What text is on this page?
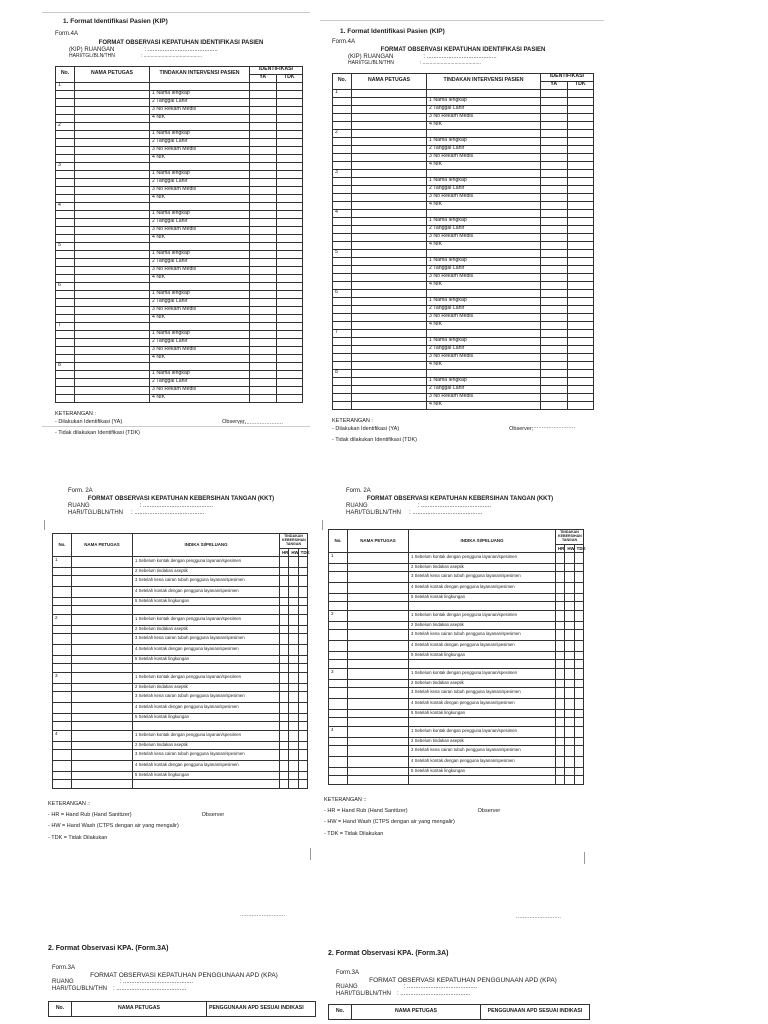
1. Format Identifikasi Pasien (KIP)
Form.4A
FORMAT OBSERVASI KEPATUHAN IDENTIFIKASI PASIEN
(KIP) RUANGAN	: ..........................................
HARI/TGL/BLN/THN	: ..........................................
No.	NAMA PETUGAS	TINDAKAN INTERVENSI PASIEN	IDENTIFIKASI	
			YA	TDK
1				
		1 Nama lengkap		
		2 Tanggal Lahir		
		3 No Rekam Medis		
		4 NIK		
2				
		1 Nama lengkap		
		2 Tanggal Lahir		
		3 No Rekam Medis		
		4 NIK		
3				
		1 Nama lengkap		
		2 Tanggal Lahir		
		3 No Rekam Medis		
		4 NIK		
4				
		1 Nama lengkap		
		2 Tanggal Lahir		
		3 No Rekam Medis		
		4 NIK		
5				
		1 Nama lengkap		
		2 Tanggal Lahir		
		3 No Rekam Medis		
		4 NIK		
6				
		1 Nama lengkap		
		2 Tanggal Lahir		
		3 No Rekam Medis		
		4 NIK		
7				
		1 Nama lengkap		
		2 Tanggal Lahir		
		3 No Rekam Medis		
		4 NIK		
8				
		1 Nama lengkap		
		2 Tanggal Lahir		
		3 No Rekam Medis		
		4 NIK		
KETERANGAN :
- Dilakukan Identifikasi (YA)	Observer,
- Tidak dilakukan Identifikasi (TDK)
...........................
1. Format Identifikasi Pasien (KIP)
Form.4A
FORMAT OBSERVASI KEPATUHAN IDENTIFIKASI PASIEN
(KIP) RUANGAN	: ..........................................
HARI/TGL/BLN/THN	: ..........................................
No.	NAMA PETUGAS	TINDAKAN INTERVENSI PASIEN	IDENTIFIKASI	
			YA	TDK
1				
		1 Nama lengkap		
		2 Tanggal Lahir		
		3 No Rekam Medis		
		4 NIK		
2				
		1 Nama lengkap		
		2 Tanggal Lahir		
		3 No Rekam Medis		
		4 NIK		
3				
		1 Nama lengkap		
		2 Tanggal Lahir		
		3 No Rekam Medis		
		4 NIK		
4				
		1 Nama lengkap		
		2 Tanggal Lahir		
		3 No Rekam Medis		
		4 NIK		
5				
		1 Nama lengkap		
		2 Tanggal Lahir		
		3 No Rekam Medis		
		4 NIK		
6				
		1 Nama lengkap		
		2 Tanggal Lahir		
		3 No Rekam Medis		
		4 NIK		
7				
		1 Nama lengkap		
		2 Tanggal Lahir		
		3 No Rekam Medis		
		4 NIK		
8				
		1 Nama lengkap		
		2 Tanggal Lahir		
		3 No Rekam Medis		
		4 NIK		
KETERANGAN :
- Dilakukan Identifikasi (YA)	Observer,
- Tidak dilakukan Identifikasi (TDK)
...........................
Form. 2A
FORMAT OBSERVASI KEPATUHAN KEBERSIHAN TANGAN (KKT)
RUANG	: ..........................................
HARI/TGL/BLN/THN : ..........................................
No.	NAMA PETUGAS	INDIKA SI/PELUANG	TINDAKAN KEBERSIHAN TANGAN		
			HR	HW	TDK
1		1 Sebelum kontak dengan pengguna layanan/spesimen			
		2 Sebelum tindakan aseptik			
		3 Setelah kena cairan tubuh pengguna layanan/spesimen			
		4 Setelah kontak dengan pengguna layanan/spesimen			
		5 Setelah kontak lingkungan			

2		1 Sebelum kontak dengan pengguna layanan/spesimen			
		2 Sebelum tindakan aseptik			
		3 Setelah kena cairan tubuh pengguna layanan/spesimen			
		4 Setelah kontak dengan pengguna layanan/spesimen			
		5 Setelah kontak lingkungan			

3		1 Sebelum kontak dengan pengguna layanan/spesimen			
		2 Sebelum tindakan aseptik			
		3 Setelah kena cairan tubuh pengguna layanan/spesimen			
		4 Setelah kontak dengan pengguna layanan/spesimen			
		5 Setelah kontak lingkungan			

4		1 Sebelum kontak dengan pengguna layanan/spesimen			
		2 Sebelum tindakan aseptik			
		3 Setelah kena cairan tubuh pengguna layanan/spesimen			
		4 Setelah kontak dengan pengguna layanan/spesimen			
		5 Setelah kontak lingkungan			

KETERANGAN ::
- HR = Hand Rub (Hand Sanitizer)	Observer
- HW = Hand Wash (CTPS dengan air yang mengalir)
- TDK = Tidak Dilakukan
...........................
Form. 2A
FORMAT OBSERVASI KEPATUHAN KEBERSIHAN TANGAN (KKT)
RUANG	: ..........................................
HARI/TGL/BLN/THN : ..........................................
No.	NAMA PETUGAS	INDIKA SI/PELUANG	TINDAKAN KEBERSIHAN TANGAN		
			HR	HW	TDK
1		1 Sebelum kontak dengan pengguna layanan/spesimen			
		2 Sebelum tindakan aseptik			
		3 Setelah kena cairan tubuh pengguna layanan/spesimen			
		4 Setelah kontak dengan pengguna layanan/spesimen			
		5 Setelah kontak lingkungan			

2		1 Sebelum kontak dengan pengguna layanan/spesimen			
		2 Sebelum tindakan aseptik			
		3 Setelah kena cairan tubuh pengguna layanan/spesimen			
		4 Setelah kontak dengan pengguna layanan/spesimen			
		5 Setelah kontak lingkungan			

3		1 Sebelum kontak dengan pengguna layanan/spesimen			
		2 Sebelum tindakan aseptik			
		3 Setelah kena cairan tubuh pengguna layanan/spesimen			
		4 Setelah kontak dengan pengguna layanan/spesimen			
		5 Setelah kontak lingkungan			

4		1 Sebelum kontak dengan pengguna layanan/spesimen			
		2 Sebelum tindakan aseptik			
		3 Setelah kena cairan tubuh pengguna layanan/spesimen			
		4 Setelah kontak dengan pengguna layanan/spesimen			
		5 Setelah kontak lingkungan			

KETERANGAN ::
- HR = Hand Rub (Hand Sanitizer)	Observer
- HW = Hand Wash (CTPS dengan air yang mengalir)
- TDK = Tidak Dilakukan
...........................
2. Format Observasi KPA. (Form.3A)
Form.3A
FORMAT OBSERVASI KEPATUHAN PENGGUNAAN APD (KPA)
RUANG	: ..........................................
HARI/TGL/BLN/THN : ..........................................
No.	NAMA PETUGAS	PENGGUNAAN APD SESUAI INDIKASI
2. Format Observasi KPA. (Form.3A)
Form.3A
FORMAT OBSERVASI KEPATUHAN PENGGUNAAN APD (KPA)
RUANG	: ..........................................
HARI/TGL/BLN/THN : ..........................................
No.	NAMA PETUGAS	PENGGUNAAN APD SESUAI INDIKASI
